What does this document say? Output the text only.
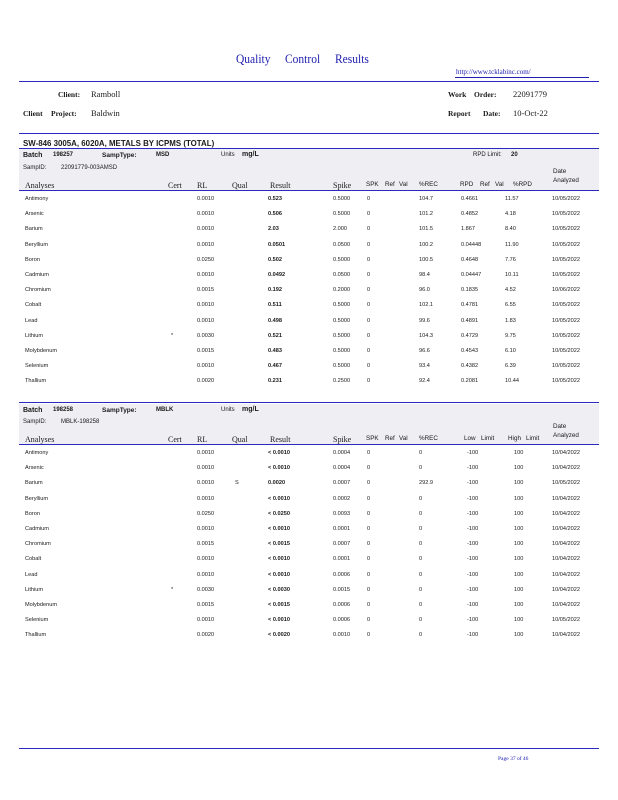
Quality Control Results
http://www.tcklabinc.com/
Client: Ramboll
Client Project: Baldwin
Work Order: 22091779
Report Date: 10-Oct-22
SW-846 3005A, 6020A, METALS BY ICPMS (TOTAL)
Batch 198257	SampType:	MSD	Units mg/L	RPD Limit: 20
SampID: 22091779-003AMSD	Date
Analyzed
Analyses	Cert RL	Qual	Result	Spike SPK Ref Val %REC	RPD Ref Val %RPD
Antimony	0.0010	0.523	0.5000	0	104.7	0.4661	11.57	10/05/2022
Arsenic	0.0010	0.506	0.5000	0	101.2	0.4852	4.18	10/05/2022
Barium	0.0010	2.03	2.000	0	101.5	1.867	8.40	10/05/2022
Beryllium	0.0010	0.0501	0.0500	0	100.2	0.04448	11.90	10/05/2022
Boron	0.0250	0.502	0.5000	0	100.5	0.4648	7.76	10/05/2022
Cadmium	0.0010	0.0492	0.0500	0	98.4	0.04447	10.11	10/05/2022
Chromium	0.0015	0.192	0.2000	0	96.0	0.1835	4.52	10/06/2022
Cobalt	0.0010	0.511	0.5000	0	102.1	0.4781	6.55	10/05/2022
Lead	0.0010	0.498	0.5000	0	99.6	0.4891	1.83	10/05/2022
Lithium	*	0.0030	0.521	0.5000	0	104.3	0.4729	9.75	10/05/2022
Molybdenum	0.0015	0.483	0.5000	0	96.6	0.4543	6.10	10/05/2022
Selenium	0.0010	0.467	0.5000	0	93.4	0.4382	6.39	10/05/2022
Thallium	0.0020	0.231	0.2500	0	92.4	0.2081	10.44	10/05/2022
Batch 198258	SampType:	MBLK	Units mg/L
SampID: MBLK-198258
Date
Analyzed
Analyses	Cert RL	Qual	Result	Spike SPK Ref Val %REC	Low Limit High Limit
Antimony	0.0010	< 0.0010	0.0004	0	0	-100	100	10/04/2022
Arsenic	0.0010	< 0.0010	0.0004	0	0	-100	100	10/04/2022
Barium	0.0010	S	0.0020	0.0007	0	292.9	-100	100	10/05/2022
Beryllium	0.0010	< 0.0010	0.0002	0	0	-100	100	10/04/2022
Boron	0.0250	< 0.0250	0.0093	0	0	-100	100	10/04/2022
Cadmium	0.0010	< 0.0010	0.0001	0	0	-100	100	10/04/2022
Chromium	0.0015	< 0.0015	0.0007	0	0	-100	100	10/04/2022
Cobalt	0.0010	< 0.0010	0.0001	0	0	-100	100	10/04/2022
Lead	0.0010	< 0.0010	0.0006	0	0	-100	100	10/04/2022
Lithium	*	0.0030	< 0.0030	0.0015	0	0	-100	100	10/04/2022
Molybdenum	0.0015	< 0.0015	0.0006	0	0	-100	100	10/04/2022
Selenium	0.0010	< 0.0010	0.0006	0	0	-100	100	10/05/2022
Thallium	0.0020	< 0.0020	0.0010	0	0	-100	100	10/04/2022
Page 37 of 46
